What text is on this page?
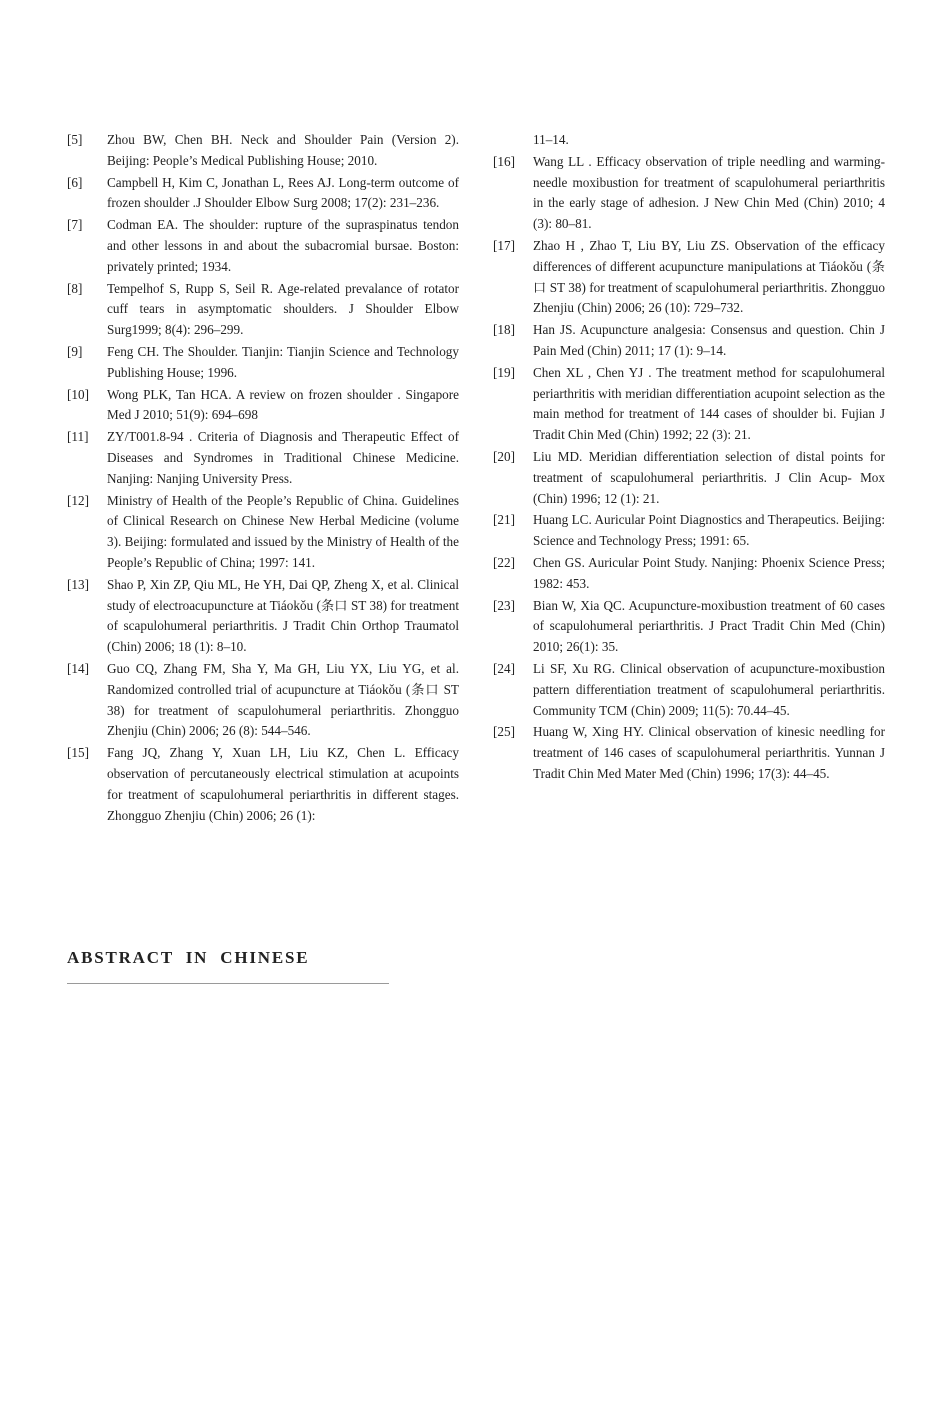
[5]	Zhou BW, Chen BH. Neck and Shoulder Pain (Version 2). Beijing: People’s Medical Publishing House; 2010.
[6]	Campbell H, Kim C, Jonathan L, Rees AJ. Long-term outcome of frozen shoulder .J Shoulder Elbow Surg 2008; 17(2): 231–236.
[7]	Codman EA. The shoulder: rupture of the supraspinatus tendon and other lessons in and about the subacromial bursae. Boston: privately printed; 1934.
[8]	Tempelhof S, Rupp S, Seil R. Age-related prevalance of rotator cuff tears in asymptomatic shoulders. J Shoulder Elbow Surg1999; 8(4): 296–299.
[9]	Feng CH. The Shoulder. Tianjin: Tianjin Science and Technology Publishing House; 1996.
[10]	Wong PLK, Tan HCA. A review on frozen shoulder . Singapore Med J 2010; 51(9): 694–698
[11]	ZY/T001.8-94 . Criteria of Diagnosis and Therapeutic Effect of Diseases and Syndromes in Traditional Chinese Medicine. Nanjing: Nanjing University Press.
[12]	Ministry of Health of the People’s Republic of China. Guidelines of Clinical Research on Chinese New Herbal Medicine (volume 3). Beijing: formulated and issued by the Ministry of Health of the People’s Republic of China; 1997: 141.
[13]	Shao P, Xin ZP, Qiu ML, He YH, Dai QP, Zheng X, et al. Clinical study of electroacupuncture at Tiáokǒu (条口 ST 38) for treatment of scapulohumeral periarthritis. J Tradit Chin Orthop Traumatol (Chin) 2006; 18 (1): 8–10.
[14]	Guo CQ, Zhang FM, Sha Y, Ma GH, Liu YX, Liu YG, et al. Randomized controlled trial of acupuncture at Tiáokǒu (条口 ST 38) for treatment of scapulohumeral periarthritis. Zhongguo Zhenjiu (Chin) 2006; 26 (8): 544–546.
[15]	Fang JQ, Zhang Y, Xuan LH, Liu KZ, Chen L. Efficacy observation of percutaneously electrical stimulation at acupoints for treatment of scapulohumeral periarthritis in different stages. Zhongguo Zhenjiu (Chin) 2006; 26 (1):
11–14.
[16]	Wang LL . Efficacy observation of triple needling and warming-needle moxibustion for treatment of scapulohumeral periarthritis in the early stage of adhesion. J New Chin Med (Chin) 2010; 4 (3): 80–81.
[17]	Zhao H , Zhao T, Liu BY, Liu ZS. Observation of the efficacy differences of different acupuncture manipulations at Tiáokǒu (条口 ST 38) for treatment of scapulohumeral periarthritis. Zhongguo Zhenjiu (Chin) 2006; 26 (10): 729–732.
[18]	Han JS. Acupuncture analgesia: Consensus and question. Chin J Pain Med (Chin) 2011; 17 (1): 9–14.
[19]	Chen XL , Chen YJ . The treatment method for scapulohumeral periarthritis with meridian differentiation acupoint selection as the main method for treatment of 144 cases of shoulder bi. Fujian J Tradit Chin Med (Chin) 1992; 22 (3): 21.
[20]	Liu MD. Meridian differentiation selection of distal points for treatment of scapulohumeral periarthritis. J Clin Acup- Mox (Chin) 1996; 12 (1): 21.
[21]	Huang LC. Auricular Point Diagnostics and Therapeutics. Beijing: Science and Technology Press; 1991: 65.
[22]	Chen GS. Auricular Point Study. Nanjing: Phoenix Science Press; 1982: 453.
[23]	Bian W, Xia QC. Acupuncture-moxibustion treatment of 60 cases of scapulohumeral periarthritis. J Pract Tradit Chin Med (Chin) 2010; 26(1): 35.
[24]	Li SF, Xu RG. Clinical observation of acupuncture-moxibustion pattern differentiation treatment of scapulohumeral periarthritis. Community TCM (Chin) 2009; 11(5): 70.44–45.
[25]	Huang W, Xing HY. Clinical observation of kinesic needling for treatment of 146 cases of scapulohumeral periarthritis. Yunnan J Tradit Chin Med Mater Med (Chin) 1996; 17(3): 44–45.
ABSTRACT IN CHINESE
